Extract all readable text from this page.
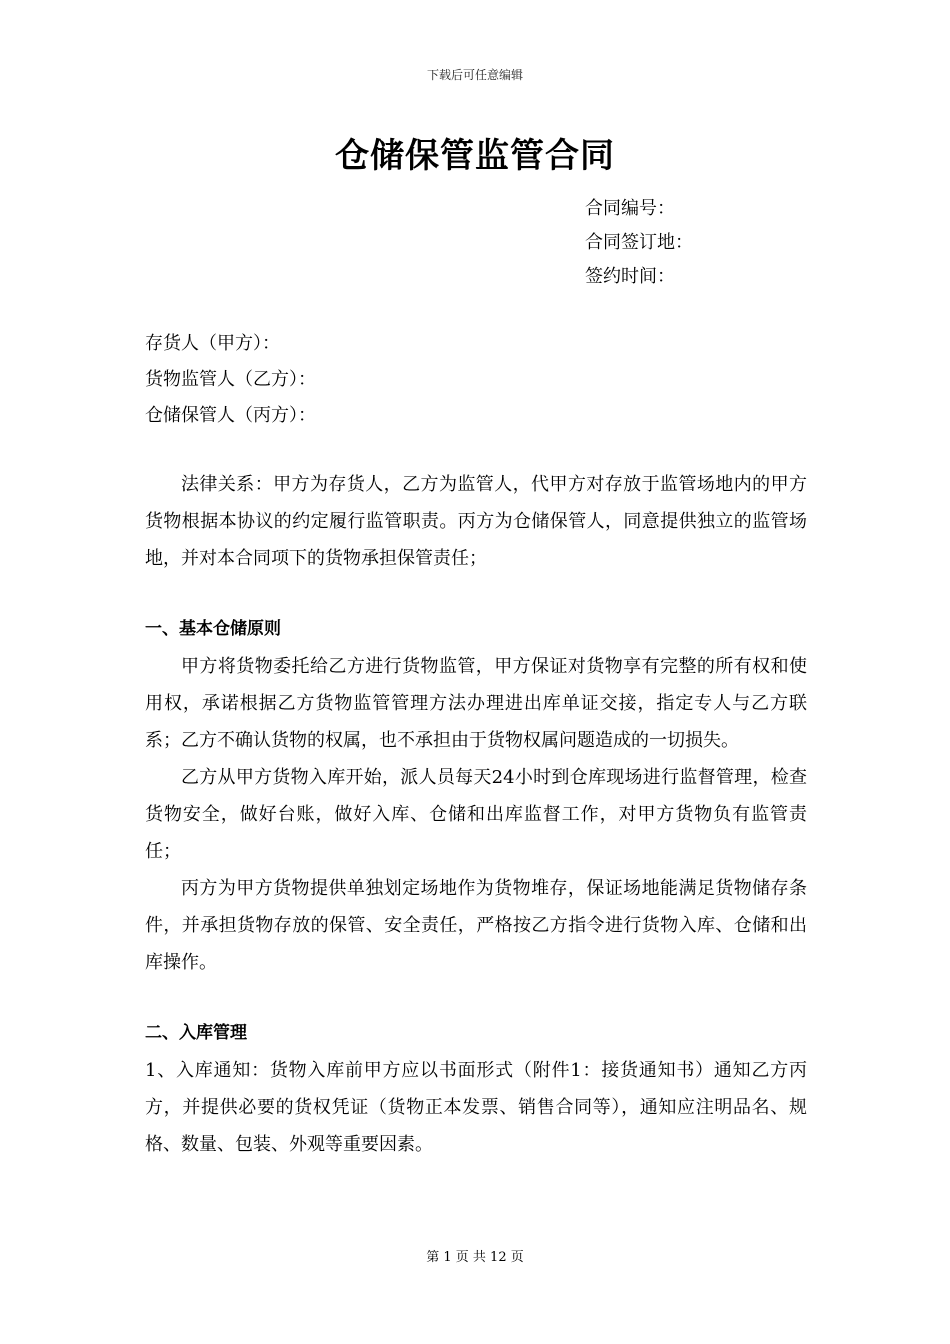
下载后可任意编辑
仓储保管监管合同
合同编号：
合同签订地：
签约时间：
存货人（甲方）：
货物监管人（乙方）：
仓储保管人（丙方）：

法律关系：甲方为存货人，乙方为监管人，代甲方对存放于监管场地内的甲方货物根据本协议的约定履行监管职责。丙方为仓储保管人，同意提供独立的监管场地，并对本合同项下的货物承担保管责任；

一、基本仓储原则

甲方将货物委托给乙方进行货物监管，甲方保证对货物享有完整的所有权和使用权，承诺根据乙方货物监管管理方法办理进出库单证交接，指定专人与乙方联系；乙方不确认货物的权属，也不承担由于货物权属问题造成的一切损失。

乙方从甲方货物入库开始，派人员每天24小时到仓库现场进行监督管理，检查货物安全，做好台账，做好入库、仓储和出库监督工作，对甲方货物负有监管责任；

丙方为甲方货物提供单独划定场地作为货物堆存，保证场地能满足货物储存条件，并承担货物存放的保管、安全责任，严格按乙方指令进行货物入库、仓储和出库操作。

二、入库管理

1、入库通知：货物入库前甲方应以书面形式（附件1：接货通知书）通知乙方丙方，并提供必要的货权凭证（货物正本发票、销售合同等），通知应注明品名、规格、数量、包装、外观等重要因素。

第 1 页 共 12 页
